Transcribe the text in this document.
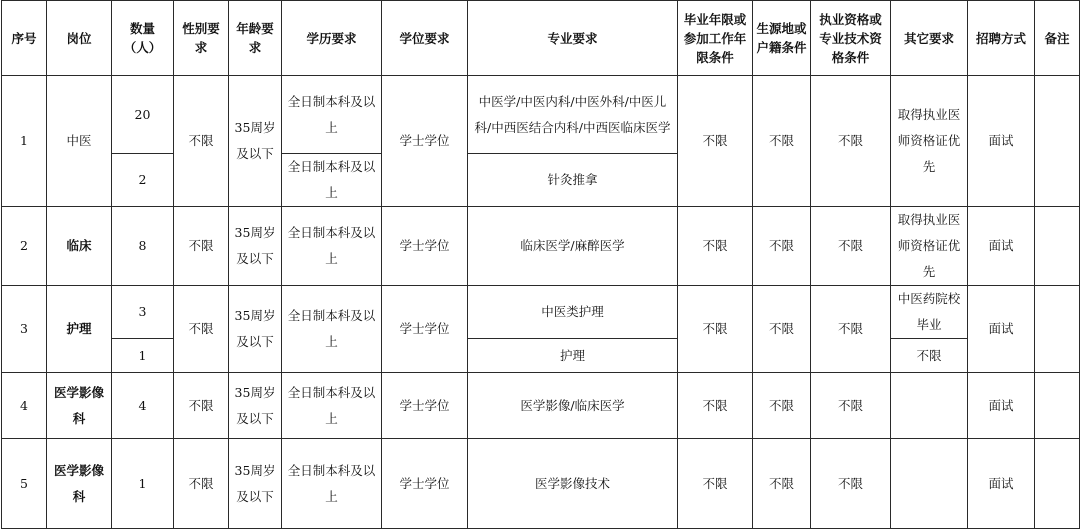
序号	岗位	数量（人）	性别要求	年龄要求	学历要求	学位要求	专业要求	毕业年限或参加工作年限条件	生源地或户籍条件	执业资格或专业技术资格条件	其它要求	招聘方式	备注
1	中医	20	不限	35周岁及以下	全日制本科及以上	学士学位	中医学/中医内科/中医外科/中医儿科/中西医结合内科/中西医临床医学	不限	不限	不限	取得执业医师资格证优先	面试	
		2			全日制本科及以上		针灸推拿						
2	临床	8	不限	35周岁及以下	全日制本科及以上	学士学位	临床医学/麻醉医学	不限	不限	不限	取得执业医师资格证优先	面试	
3	护理	3	不限	35周岁及以下	全日制本科及以上	学士学位	中医类护理	不限	不限	不限	中医药院校毕业	面试	
		1					护理				不限		
4	医学影像科	4	不限	35周岁及以下	全日制本科及以上	学士学位	医学影像/临床医学	不限	不限	不限		面试	
5	医学影像科	1	不限	35周岁及以下	全日制本科及以上	学士学位	医学影像技术	不限	不限	不限		面试	
